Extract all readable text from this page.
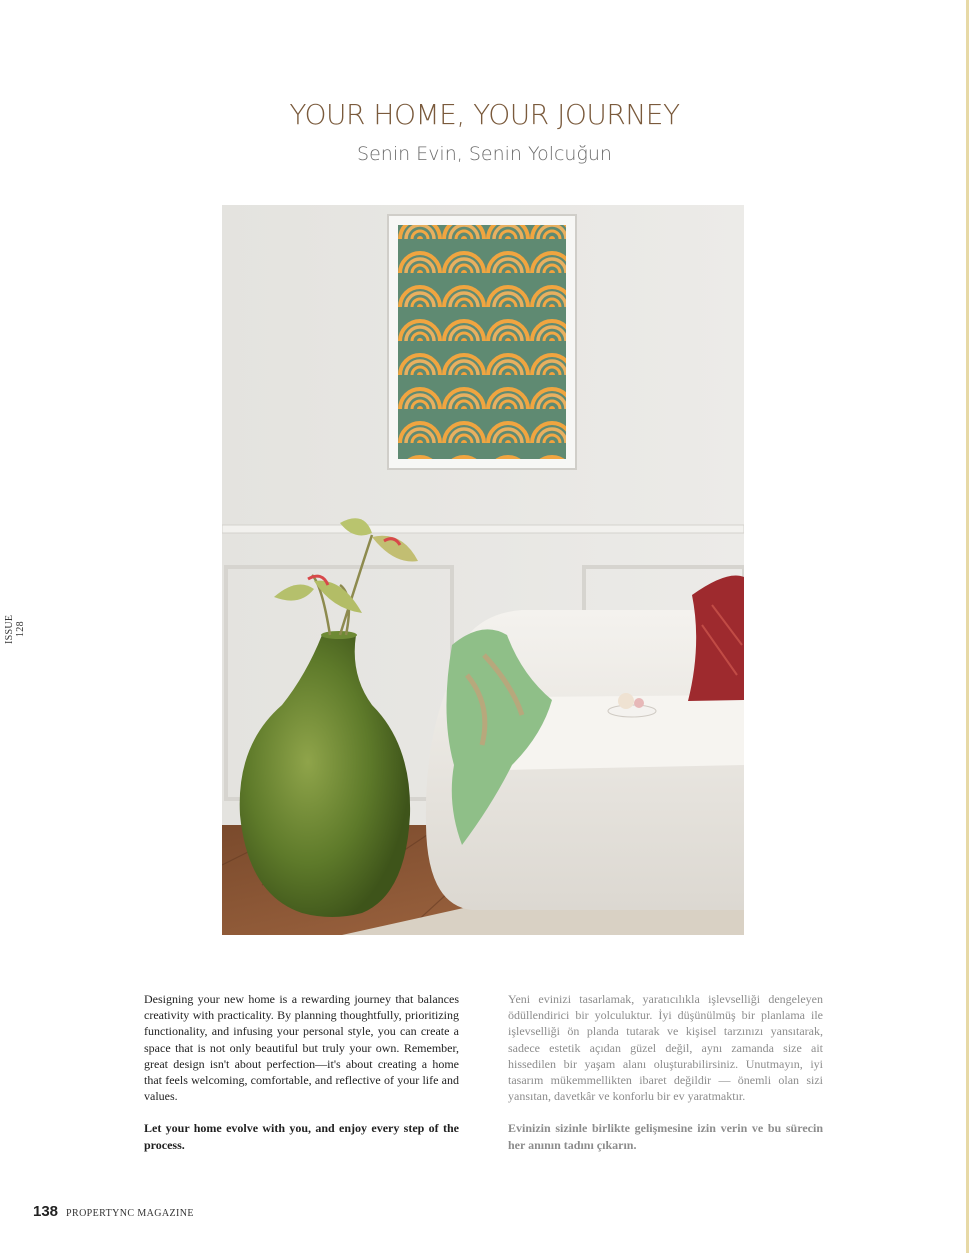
YOUR HOME, YOUR JOURNEY
Senin Evin, Senin Yolcuğun
ISSUE 128

Designing your new home is a rewarding journey that balances creativity with practicality. By planning thoughtfully, prioritizing functionality, and infusing your personal style, you can create a space that is not only beautiful but truly your own. Remember, great design isn't about perfection—it's about creating a home that feels welcoming, comfortable, and reflective of your life and values.

Let your home evolve with you, and enjoy every step of the process.

Yeni evinizi tasarlamak, yaratıcılıkla işlevselliği dengeleyen ödüllendirici bir yolculuktur. İyi düşünülmüş bir planlama ile işlevselliği ön planda tutarak ve kişisel tarzınızı yansıtarak, sadece estetik açıdan güzel değil, aynı zamanda size ait hissedilen bir yaşam alanı oluşturabilirsiniz. Unutmayın, iyi tasarım mükemmellikten ibaret değildir — önemli olan sizi yansıtan, davetkâr ve konforlu bir ev yaratmaktır.

Evinizin sizinle birlikte gelişmesine izin verin ve bu sürecin her anının tadını çıkarın.

138 PROPERTYNC MAGAZINE
